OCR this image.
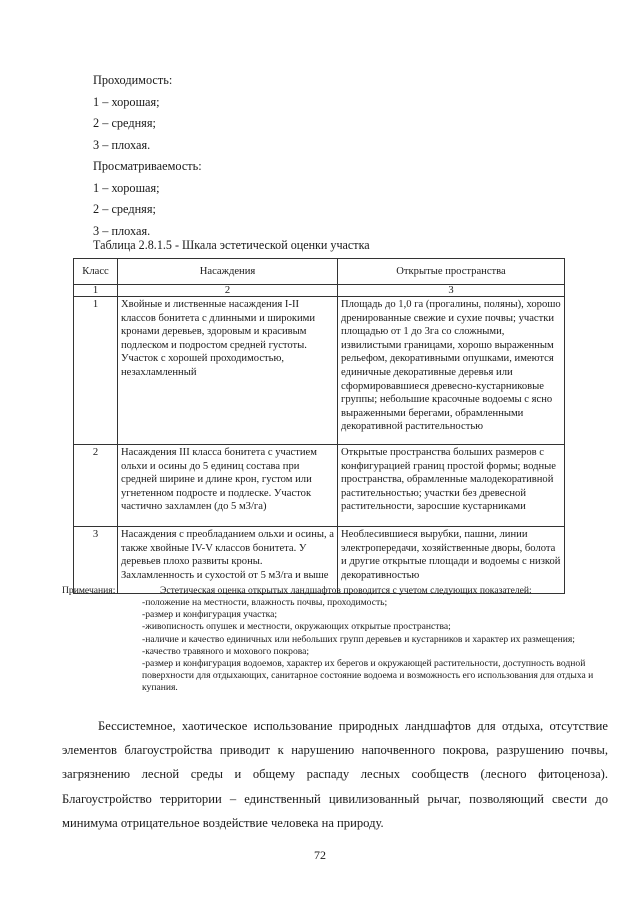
Проходимость:
1 – хорошая;
2 – средняя;
3 – плохая.
Просматриваемость:
1 – хорошая;
2 – средняя;
3 – плохая.
Таблица 2.8.1.5 - Шкала эстетической оценки участка
Класс	Насаждения	Открытые пространства
1	2	3
1	Хвойные и лиственные насаждения I-II классов бонитета с длинными и широкими кронами деревьев, здоровым и красивым подлеском и подростом средней густоты. Участок с хорошей проходимостью, незахламленный	Площадь до 1,0 га (прогалины, поляны), хорошо дренированные свежие и сухие почвы; участки площадью от 1 до 3га со сложными, извилистыми границами, хорошо выраженным рельефом, декоративными опушками, имеются единичные декоративные деревья или сформировавшиеся древесно-кустарниковые группы; небольшие красочные водоемы с ясно выраженными берегами, обрамленными декоративной растительностью
2	Насаждения III класса бонитета с участием ольхи и осины до 5 единиц состава при средней ширине и длине крон, густом или угнетенном подросте и подлеске. Участок частично захламлен (до 5 м3/га)	Открытые пространства больших размеров с конфигурацией границ простой формы; водные пространства, обрамленные малодекоративной растительностью; участки без древесной растительности, заросшие кустарниками
3	Насаждения с преобладанием ольхи и осины, а также хвойные IV-V классов бонитета. У деревьев плохо развиты кроны. Захламленность и сухостой от 5 м3/га и выше	Необлесившиеся вырубки, пашни, линии электропередачи, хозяйственные дворы, болота и другие открытые площади и водоемы с низкой декоративностью
Примечания:	Эстетическая оценка открытых ландшафтов проводится с учетом следующих показателей:
-положение на местности, влажность почвы, проходимость;
-размер и конфигурация участка;
-живописность опушек и местности, окружающих открытые пространства;
-наличие и качество единичных или небольших групп деревьев и кустарников и характер их размещения;
-качество травяного и мохового покрова;
-размер и конфигурация водоемов, характер их берегов и окружающей растительности, доступность водной поверхности для отдыхающих, санитарное состояние водоема и возможность его использования для отдыха и купания.

Бессистемное, хаотическое использование природных ландшафтов для отдыха, отсутствие элементов благоустройства приводит к нарушению напочвенного покрова, разрушению почвы, загрязнению лесной среды и общему распаду лесных сообществ (лесного фитоценоза). Благоустройство территории – единственный цивилизованный рычаг, позволяющий свести до минимума отрицательное воздействие человека на природу.

72
